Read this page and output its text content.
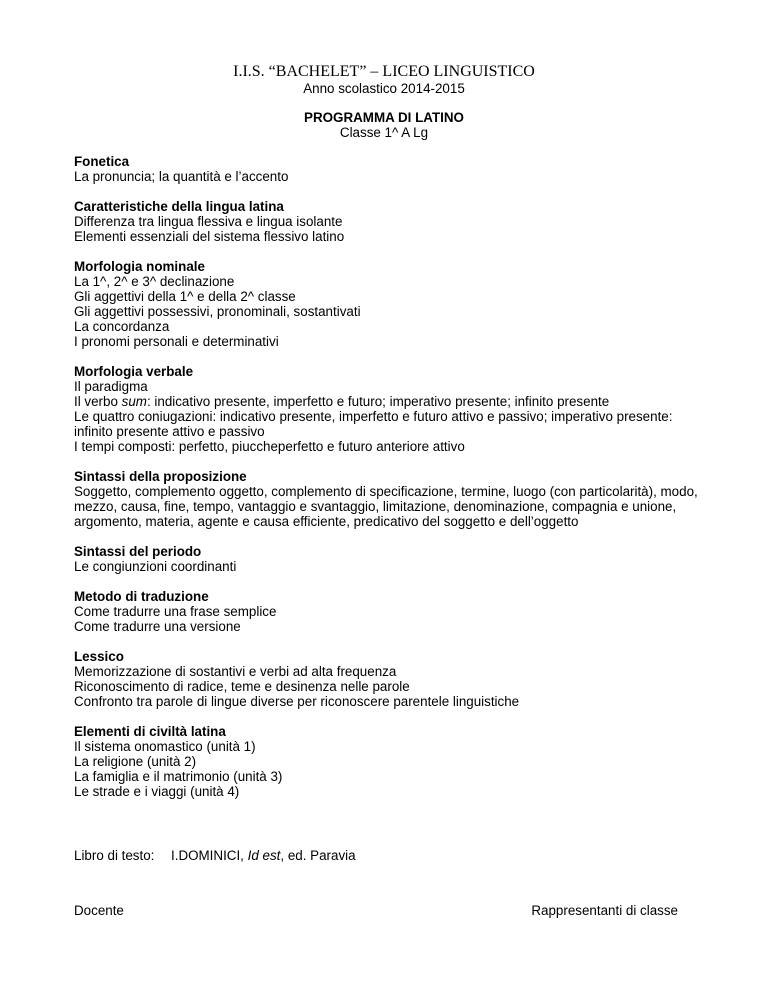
I.I.S. “BACHELET” – LICEO LINGUISTICO
Anno scolastico 2014-2015
PROGRAMMA DI LATINO
Classe 1^ A Lg
Fonetica
La pronuncia; la quantità e l’accento
Caratteristiche della lingua latina
Differenza tra lingua flessiva e lingua isolante
Elementi essenziali del sistema flessivo latino
Morfologia nominale
La 1^, 2^ e 3^ declinazione
Gli aggettivi della 1^ e della 2^ classe
Gli aggettivi possessivi, pronominali, sostantivati
La concordanza
I pronomi personali e determinativi
Morfologia verbale
Il paradigma
Il verbo sum: indicativo presente, imperfetto e futuro; imperativo presente; infinito presente
Le quattro coniugazioni: indicativo presente, imperfetto e futuro attivo e passivo; imperativo presente: infinito presente attivo e passivo
I tempi composti: perfetto, piuccheperfetto e futuro anteriore attivo
Sintassi della proposizione
Soggetto, complemento oggetto, complemento di specificazione, termine, luogo (con particolarità), modo, mezzo, causa, fine, tempo, vantaggio e svantaggio, limitazione, denominazione, compagnia e unione, argomento, materia, agente e causa efficiente, predicativo del soggetto e dell’oggetto
Sintassi del periodo
Le congiunzioni coordinanti
Metodo di traduzione
Come tradurre una frase semplice
Come tradurre una versione
Lessico
Memorizzazione di sostantivi e verbi ad alta frequenza
Riconoscimento di radice, teme e desinenza nelle parole
Confronto tra parole di lingue diverse per riconoscere parentele linguistiche
Elementi di civiltà latina
Il sistema onomastico (unità 1)
La religione (unità 2)
La famiglia e il matrimonio (unità 3)
Le strade e i viaggi (unità 4)
Libro di testo: I.DOMINICI, Id est, ed. Paravia
Docente	Rappresentanti di classe
